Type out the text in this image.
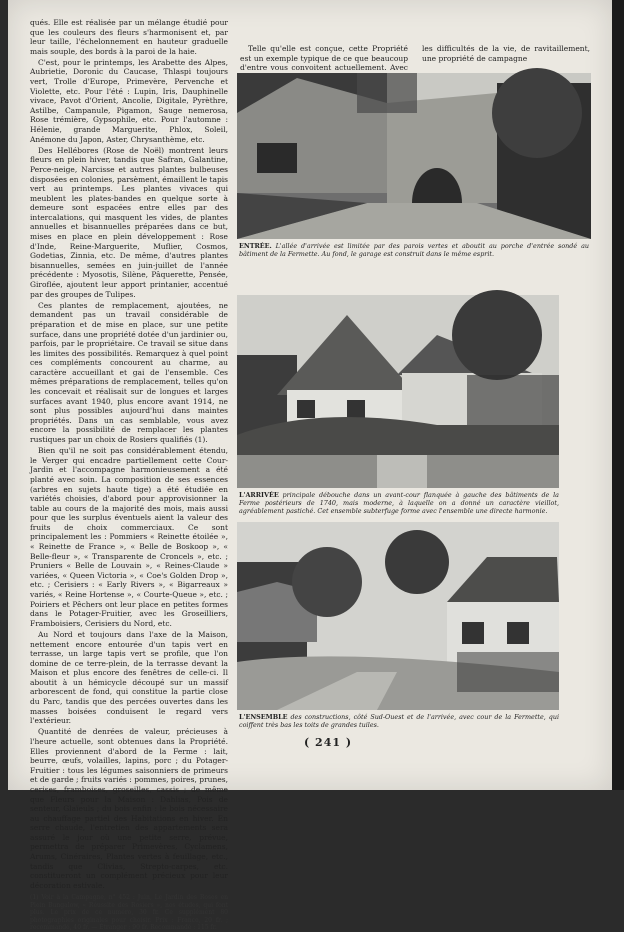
qués. Elle est réalisée par un mélange étudié pour que les couleurs des fleurs s'harmonisent et, par leur taille, l'échelonnement en hauteur graduelle mais souple, des bords à la paroi de la haie.

C'est, pour le printemps, les Arabette des Alpes, Aubrietie, Doronic du Caucase, Thlaspi toujours vert, Trolle d'Europe, Primevère, Pervenche et Violette, etc. Pour l'été : Lupin, Iris, Dauphinelle vivace, Pavot d'Orient, Ancolie, Digitale, Pyrèthre, Astilbe, Campanule, Pigamon, Sauge nemerosa, Rose trémière, Gypsophile, etc. Pour l'automne : Hélenie, grande Marguerite, Phlox, Soleil, Anémone du Japon, Aster, Chrysanthème, etc.

Des Hellébores (Rose de Noël) montrent leurs fleurs en plein hiver, tandis que Safran, Galantine, Perce-neige, Narcisse et autres plantes bulbeuses disposées en colonies, parsèment, émaillent le tapis vert au printemps. Les plantes vivaces qui meublent les plates-bandes en quelque sorte à demeure sont espacées entre elles par des intercalations, qui masquent les vides, de plantes annuelles et bisannuelles préparées dans ce but, mises en place en plein développement : Rose d'Inde, Reine-Marguerite, Muflier, Cosmos, Godetias, Zinnia, etc. De même, d'autres plantes bisannuelles, semées en juin-juillet de l'année précédente : Myosotis, Silène, Pâquerette, Pensée, Giroflée, ajoutent leur apport printanier, accentué par des groupes de Tulipes.

Ces plantes de remplacement, ajoutées, ne demandent pas un travail considérable de préparation et de mise en place, sur une petite surface, dans une propriété dotée d'un jardinier ou, parfois, par le propriétaire. Ce travail se situe dans les limites des possibilités. Remarquez à quel point ces compléments concourent au charme, au caractère accueillant et gai de l'ensemble. Ces mêmes préparations de remplacement, telles qu'on les concevait et réalisait sur de longues et larges surfaces avant 1940, plus encore avant 1914, ne sont plus possibles aujourd'hui dans maintes propriétés. Dans un cas semblable, vous avez encore la possibilité de remplacer les plantes rustiques par un choix de Rosiers qualifiés (1).

Bien qu'il ne soit pas considérablement étendu, le Verger qui encadre partiellement cette Cour-Jardin et l'accompagne harmonieusement a été planté avec soin. La composition de ses essences (arbres en sujets haute tige) a été étudiée en variétés choisies, d'abord pour approvisionner la table au cours de la majorité des mois, mais aussi pour que les surplus éventuels aient la valeur des fruits de choix commerciaux. Ce sont principalement les : Pommiers « Reinette étoilée », « Reinette de France », « Belle de Boskoop », « Belle-fleur », « Transparente de Croncels », etc. ; Pruniers « Belle de Louvain », « Reines-Claude » variées, « Queen Victoria », « Coe's Golden Drop », etc. ; Cerisiers : « Early Rivers », « Bigarreaux » variés, « Reine Hortense », « Courte-Queue », etc. ; Poiriers et Pêchers ont leur place en petites formes dans le Potager-Fruitier, avec les Groseilliers, Framboisiers, Cerisiers du Nord, etc.

Au Nord et toujours dans l'axe de la Maison, nettement encore entourée d'un tapis vert en terrasse, un large tapis vert se profile, que l'on domine de ce terre-plein, de la terrasse devant la Maison et plus encore des fenêtres de celle-ci. Il aboutit à un hémicycle découpé sur un massif arborescent de fond, qui constitue la partie close du Parc, tandis que des percées ouvertes dans les masses boisées conduisent le regard vers l'extérieur.

Quantité de denrées de valeur, précieuses à l'heure actuelle, sont obtenues dans la Propriété. Elles proviennent d'abord de la Ferme : lait, beurre, œufs, volailles, lapins, porc ; du Potager-Fruitier : tous les légumes saisonniers de primeurs et de garde ; fruits variés : pommes, poires, prunes, cerises, framboises, groseilles, cassis ; de même que Fleurs pour la Maison : Dahlias, Pois de senteur, Glaïeuls ; du bois enfin : le bois nécessaire au chauffage partiel des Habitations en hiver. En serre chaude, l'entretien des appartements sera assuré le jour où une petite serre, prévue, permettra de préparer Primevères, Cyclamens, Arums, Cinéraires, Plantes vertes à feuillage, etc., tandis que Clivias, Strepto-carpes, etc. constitueront un complément précieux pour leur décoration estivale.

(1) Voir à la Campagne, n° 452 : Juin, Le Jardin des Roses en Plein Bungalow, « Réussite des Rosiers », nos études, qui font plus. Le prix de ce numéro, 30 fr. Ce supplément 80 photographies originales pour choisir. Prix : France, 20 fr. ; recommandé, 40 fr. — Étranger : 90 fr. Recommandé : 115 fr.

Telle qu'elle est conçue, cette Propriété est un exemple typique de ce que beaucoup d'entre vous convoitent actuellement. Avec les difficultés de la vie, de ravitaillement, une propriété de campagne

ENTRÉE. L'allée d'arrivée est limitée par des parois vertes et aboutit au porche d'entrée sondé au bâtiment de la Fermette. Au fond, le garage est construit dans le même esprit.
L'ARRIVÉE principale débouche dans un avant-cour flanquée à gauche des bâtiments de la Ferme postérieurs de 1740, mais moderne, à laquelle on a donné un caractère vieillot, agréablement pastiché. Cet ensemble subterfuge forme avec l'ensemble une directe harmonie.
L'ENSEMBLE des constructions, côté Sud-Ouest et de l'arrivée, avec cour de la Fermette, qui coiffent très bas les toits de grandes tuiles.
( 241 )
